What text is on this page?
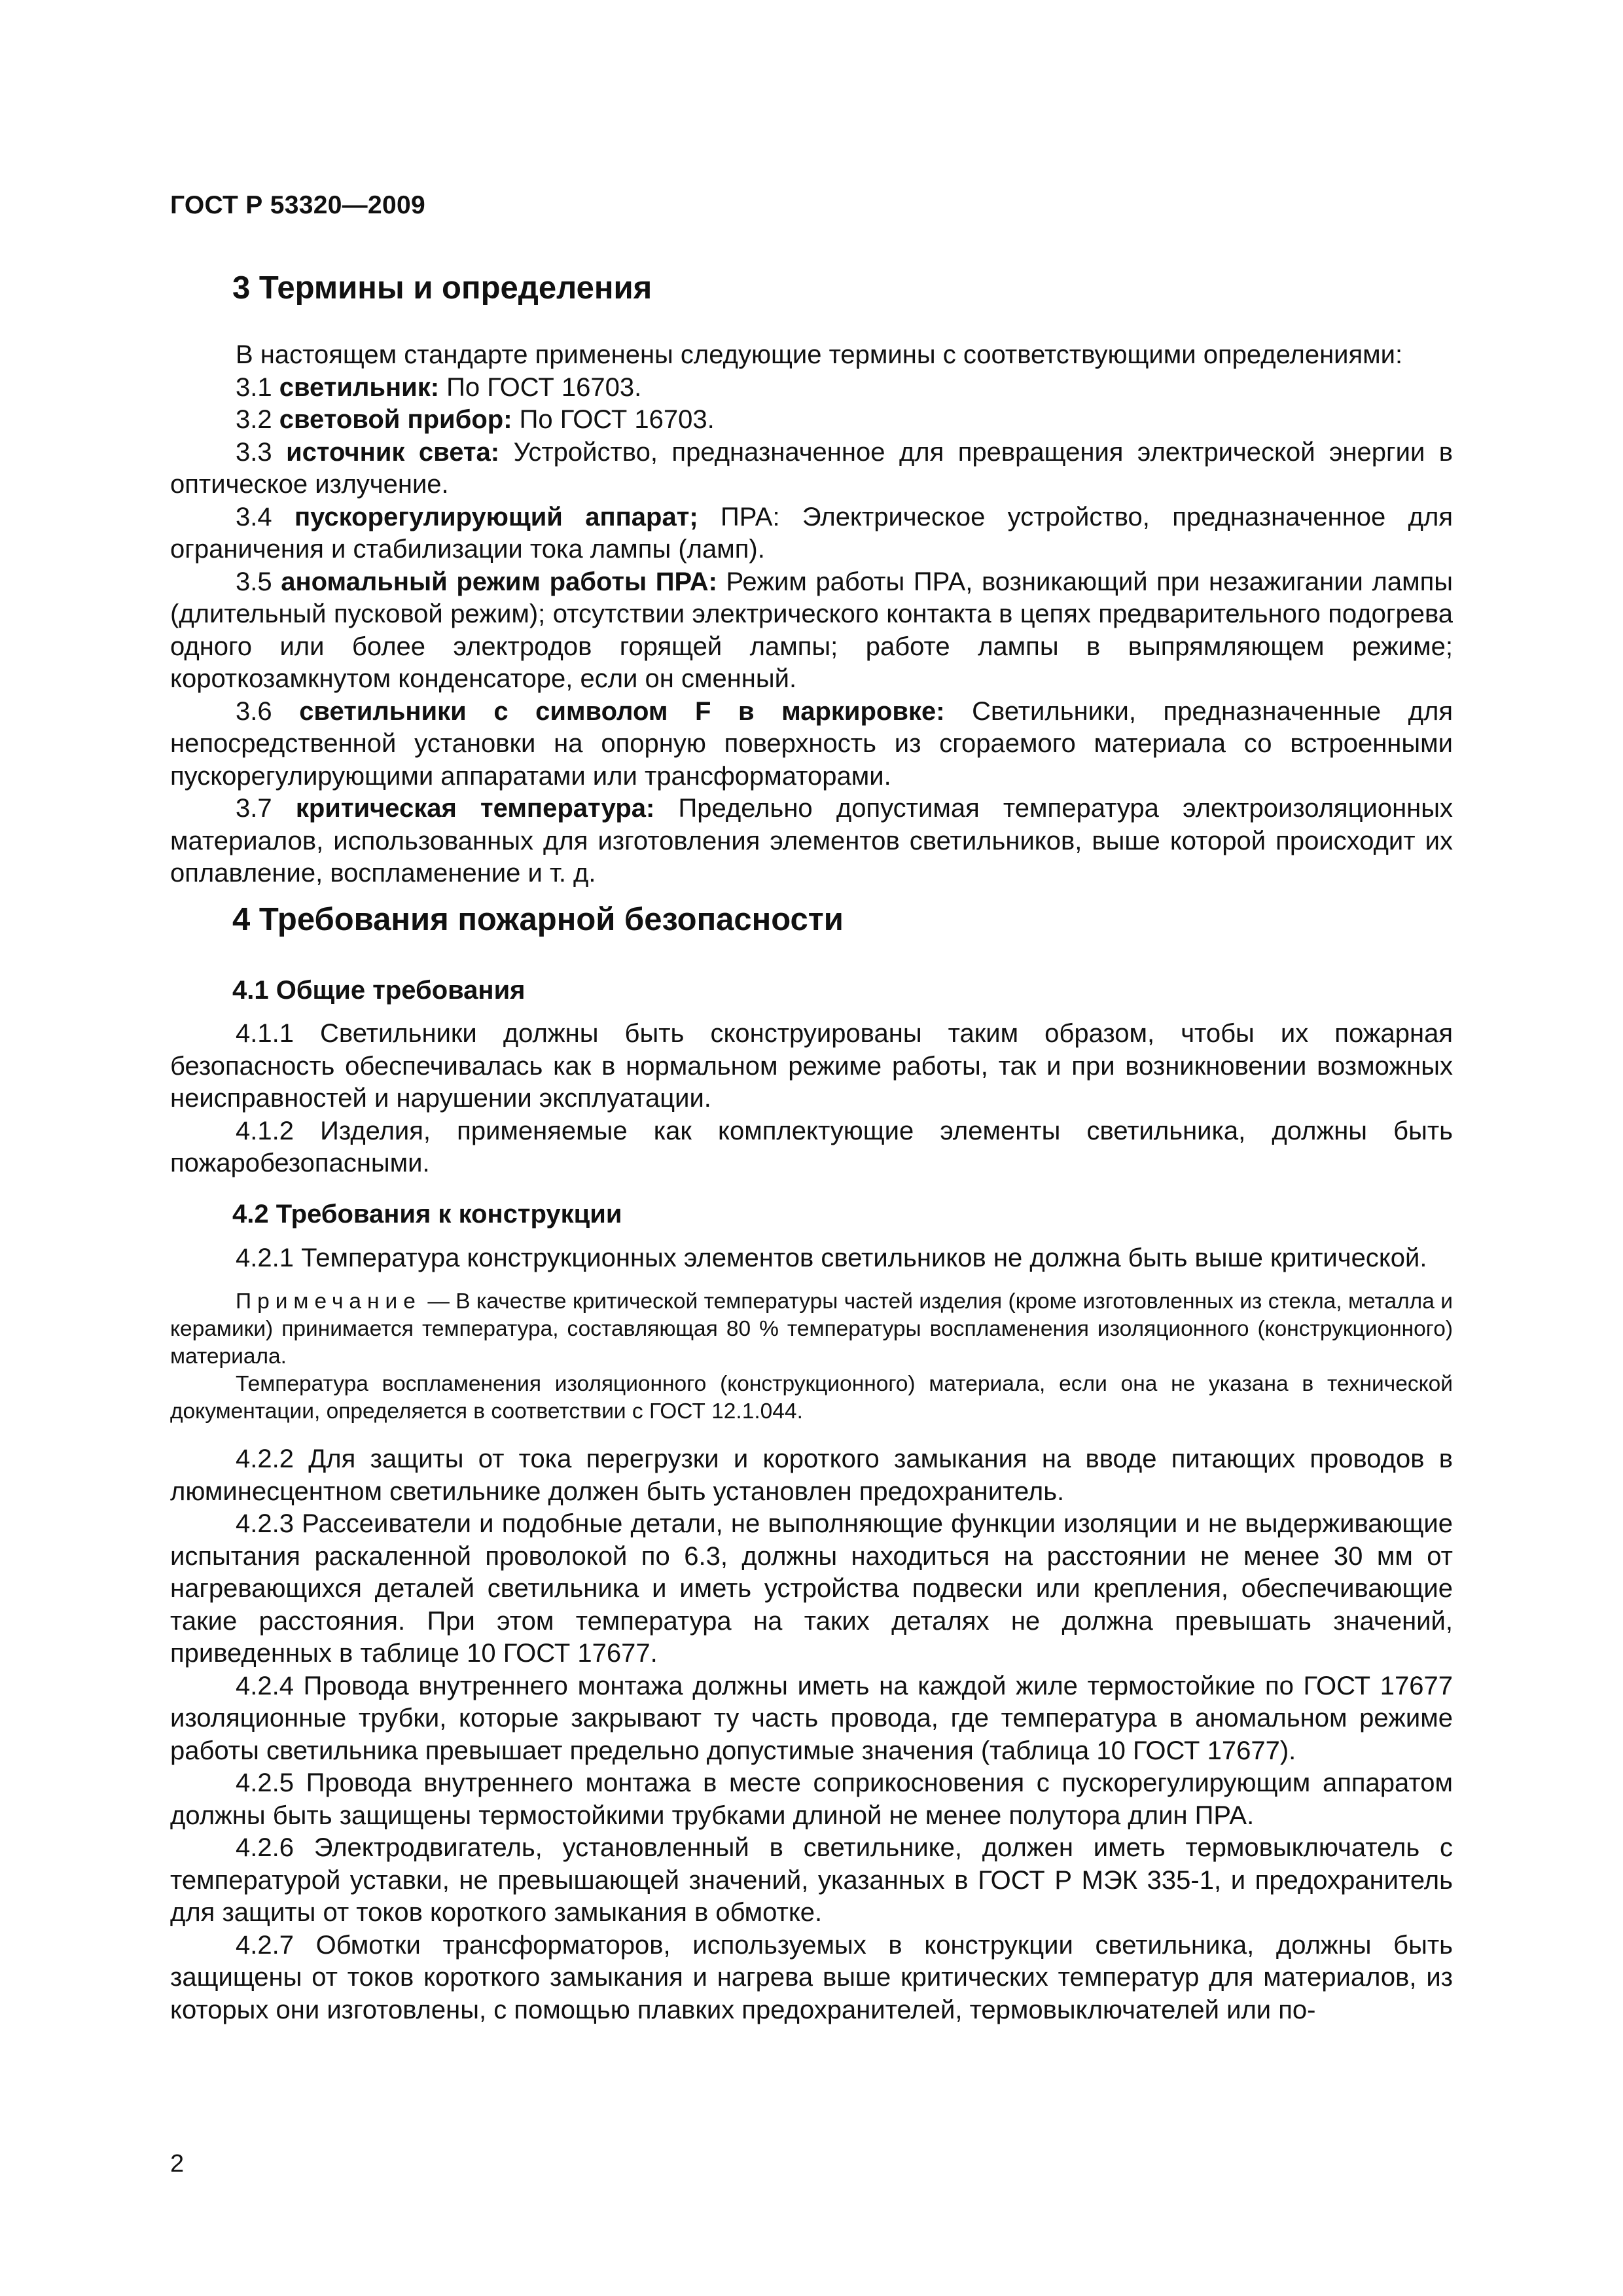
ГОСТ Р 53320—2009
3 Термины и определения

В настоящем стандарте применены следующие термины с соответствующими определениями:

3.1 светильник: По ГОСТ 16703.

3.2 световой прибор: По ГОСТ 16703.

3.3 источник света: Устройство, предназначенное для превращения электрической энергии в оптическое излучение.

3.4 пускорегулирующий аппарат; ПРА: Электрическое устройство, предназначенное для ограничения и стабилизации тока лампы (ламп).

3.5 аномальный режим работы ПРА: Режим работы ПРА, возникающий при незажигании лампы (длительный пусковой режим); отсутствии электрического контакта в цепях предварительного подогрева одного или более электродов горящей лампы; работе лампы в выпрямляющем режиме; короткозамкнутом конденсаторе, если он сменный.

3.6 светильники с символом F в маркировке: Светильники, предназначенные для непосредственной установки на опорную поверхность из сгораемого материала со встроенными пускорегулирующими аппаратами или трансформаторами.

3.7 критическая температура: Предельно допустимая температура электроизоляционных материалов, использованных для изготовления элементов светильников, выше которой происходит их оплавление, воспламенение и т. д.

4 Требования пожарной безопасности
4.1 Общие требования

4.1.1 Светильники должны быть сконструированы таким образом, чтобы их пожарная безопасность обеспечивалась как в нормальном режиме работы, так и при возникновении возможных неисправностей и нарушении эксплуатации.

4.1.2 Изделия, применяемые как комплектующие элементы светильника, должны быть пожаробезопасными.

4.2 Требования к конструкции

4.2.1 Температура конструкционных элементов светильников не должна быть выше критической.

Примечание — В качестве критической температуры частей изделия (кроме изготовленных из стекла, металла и керамики) принимается температура, составляющая 80 % температуры воспламенения изоляционного (конструкционного) материала.

Температура воспламенения изоляционного (конструкционного) материала, если она не указана в технической документации, определяется в соответствии с ГОСТ 12.1.044.

4.2.2 Для защиты от тока перегрузки и короткого замыкания на вводе питающих проводов в люминесцентном светильнике должен быть установлен предохранитель.

4.2.3 Рассеиватели и подобные детали, не выполняющие функции изоляции и не выдерживающие испытания раскаленной проволокой по 6.3, должны находиться на расстоянии не менее 30 мм от нагревающихся деталей светильника и иметь устройства подвески или крепления, обеспечивающие такие расстояния. При этом температура на таких деталях не должна превышать значений, приведенных в таблице 10 ГОСТ 17677.

4.2.4 Провода внутреннего монтажа должны иметь на каждой жиле термостойкие по ГОСТ 17677 изоляционные трубки, которые закрывают ту часть провода, где температура в аномальном режиме работы светильника превышает предельно допустимые значения (таблица 10 ГОСТ 17677).

4.2.5 Провода внутреннего монтажа в месте соприкосновения с пускорегулирующим аппаратом должны быть защищены термостойкими трубками длиной не менее полутора длин ПРА.

4.2.6 Электродвигатель, установленный в светильнике, должен иметь термовыключатель с температурой уставки, не превышающей значений, указанных в ГОСТ Р МЭК 335-1, и предохранитель для защиты от токов короткого замыкания в обмотке.

4.2.7 Обмотки трансформаторов, используемых в конструкции светильника, должны быть защищены от токов короткого замыкания и нагрева выше критических температур для материалов, из которых они изготовлены, с помощью плавких предохранителей, термовыключателей или по-

2
